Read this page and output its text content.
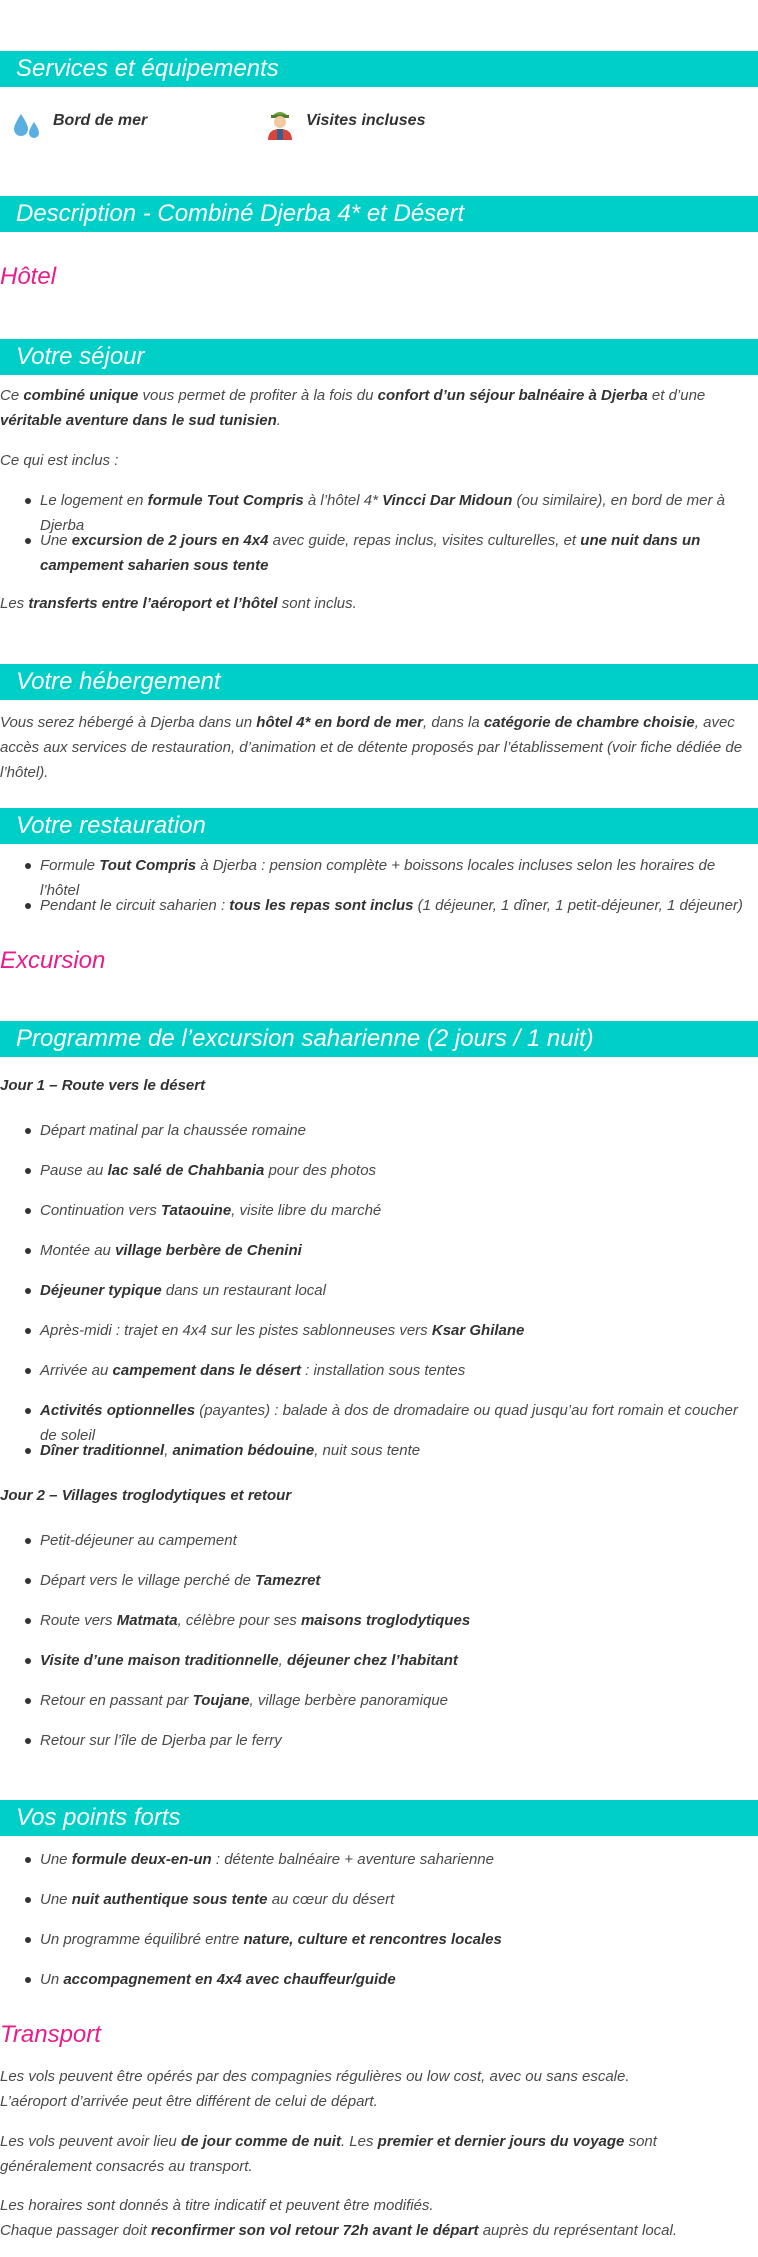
Services et équipements
Bord de mer	Visites incluses
Description - Combiné Djerba 4* et Désert
Hôtel
Votre séjour
Ce combiné unique vous permet de profiter à la fois du confort d’un séjour balnéaire à Djerba et d’une véritable aventure dans le sud tunisien.
Ce qui est inclus :
Le logement en formule Tout Compris à l’hôtel 4* Vincci Dar Midoun (ou similaire), en bord de mer à Djerba
Une excursion de 2 jours en 4x4 avec guide, repas inclus, visites culturelles, et une nuit dans un campement saharien sous tente
Les transferts entre l’aéroport et l’hôtel sont inclus.
Votre hébergement
Vous serez hébergé à Djerba dans un hôtel 4* en bord de mer, dans la catégorie de chambre choisie, avec accès aux services de restauration, d’animation et de détente proposés par l’établissement (voir fiche dédiée de l’hôtel).
Votre restauration
Formule Tout Compris à Djerba : pension complète + boissons locales incluses selon les horaires de l’hôtel
Pendant le circuit saharien : tous les repas sont inclus (1 déjeuner, 1 dîner, 1 petit-déjeuner, 1 déjeuner)
Excursion
Programme de l’excursion saharienne (2 jours / 1 nuit)
Jour 1 – Route vers le désert
Départ matinal par la chaussée romaine
Pause au lac salé de Chahbania pour des photos
Continuation vers Tataouine, visite libre du marché
Montée au village berbère de Chenini
Déjeuner typique dans un restaurant local
Après-midi : trajet en 4x4 sur les pistes sablonneuses vers Ksar Ghilane
Arrivée au campement dans le désert : installation sous tentes
Activités optionnelles (payantes) : balade à dos de dromadaire ou quad jusqu’au fort romain et coucher de soleil
Dîner traditionnel, animation bédouine, nuit sous tente
Jour 2 – Villages troglodytiques et retour
Petit-déjeuner au campement
Départ vers le village perché de Tamezret
Route vers Matmata, célèbre pour ses maisons troglodytiques
Visite d’une maison traditionnelle, déjeuner chez l’habitant
Retour en passant par Toujane, village berbère panoramique
Retour sur l’île de Djerba par le ferry
Vos points forts
Une formule deux-en-un : détente balnéaire + aventure saharienne
Une nuit authentique sous tente au cœur du désert
Un programme équilibré entre nature, culture et rencontres locales
Un accompagnement en 4x4 avec chauffeur/guide
Transport
Les vols peuvent être opérés par des compagnies régulières ou low cost, avec ou sans escale.
L’aéroport d’arrivée peut être différent de celui de départ.
Les vols peuvent avoir lieu de jour comme de nuit. Les premier et dernier jours du voyage sont généralement consacrés au transport.
Les horaires sont donnés à titre indicatif et peuvent être modifiés.
Chaque passager doit reconfirmer son vol retour 72h avant le départ auprès du représentant local.
